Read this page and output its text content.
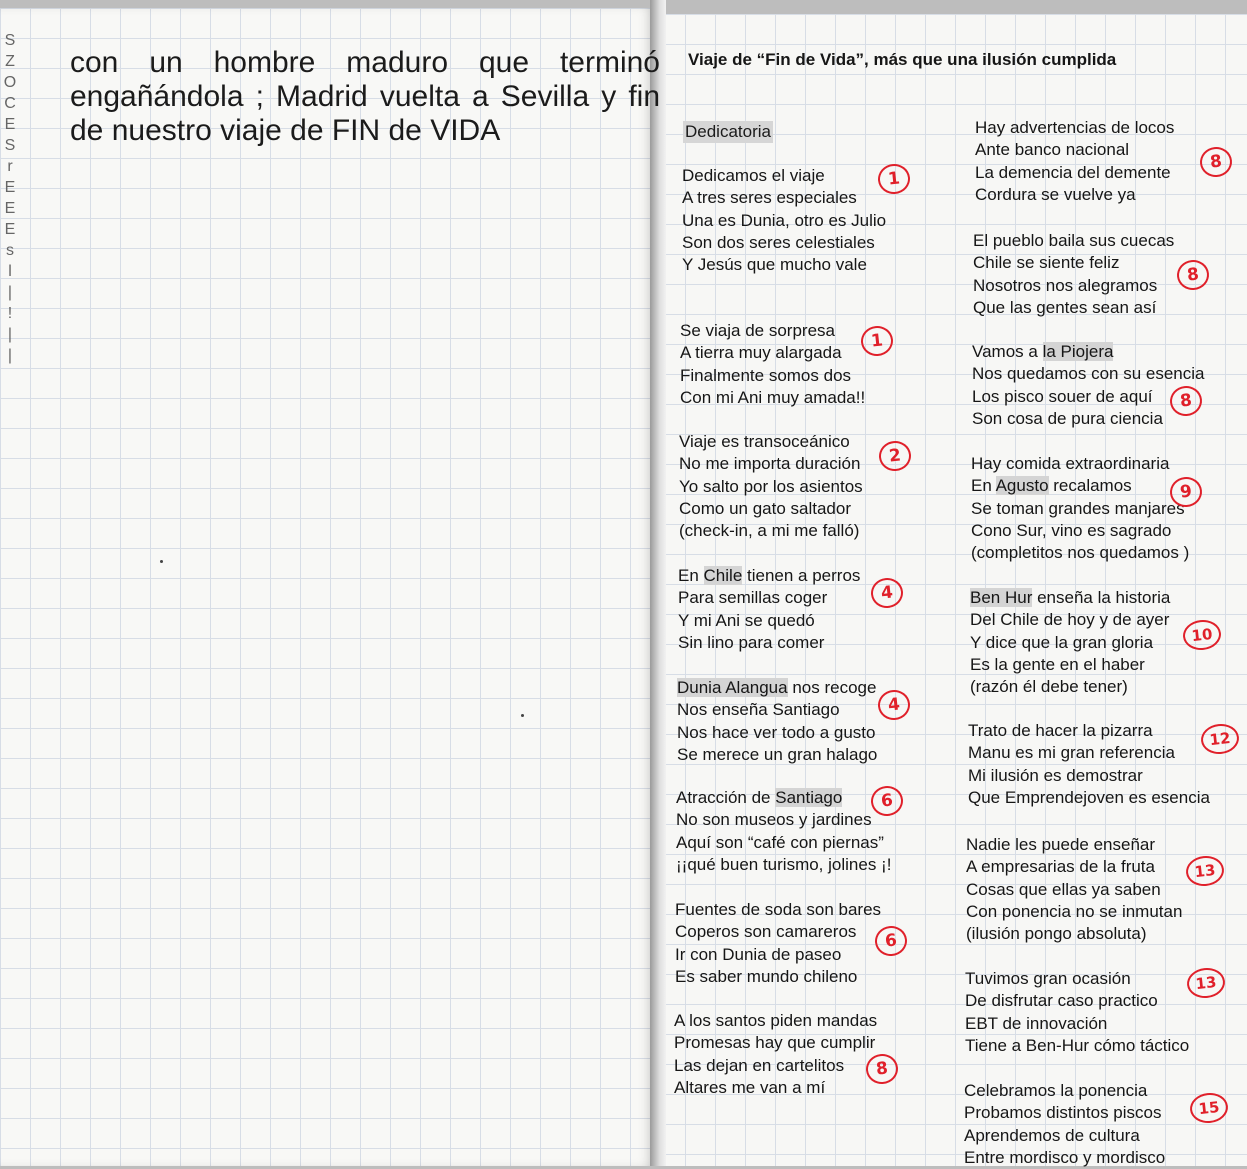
S
Z
O
C
E
S
r
E
E
E
s
l
|
!
|
|

con un hombre maduro que terminó engañándola ; Madrid vuelta a Sevilla y fin de nuestro viaje de FIN de VIDA

Viaje de “Fin de Vida”, más que una ilusión cumplida
Dedicatoria
Dedicamos el viaje
A tres seres especiales
Una es Dunia, otro es Julio
Son dos seres celestiales
Y Jesús que mucho vale
1
Se viaja de sorpresa
A tierra muy alargada
Finalmente somos dos
Con mi Ani muy amada!!
1
Viaje es transoceánico
No me importa duración
Yo salto por los asientos
Como un gato saltador
(check-in, a mi me falló)
2
En Chile tienen a perros
Para semillas coger
Y mi Ani se quedó
Sin lino para comer
4
Dunia Alangua nos recoge
Nos enseña Santiago
Nos hace ver todo a gusto
Se merece un gran halago
4
Atracción de Santiago
No son museos y jardines
Aquí son “café con piernas”
¡¡qué buen turismo, jolines ¡!
6
Fuentes de soda son bares
Coperos son camareros
Ir con Dunia de paseo
Es saber mundo chileno
6
A los santos piden mandas
Promesas hay que cumplir
Las dejan en cartelitos
Altares me van a mí
8
Hay advertencias de locos
Ante banco nacional
La demencia del demente
Cordura se vuelve ya
8
El pueblo baila sus cuecas
Chile se siente feliz
Nosotros nos alegramos
Que las gentes sean así
8
Vamos a la Piojera
Nos quedamos con su esencia
Los pisco souer de aquí
Son cosa de pura ciencia
8
Hay comida extraordinaria
En Agusto recalamos
Se toman grandes manjares
Cono Sur, vino es sagrado
(completitos nos quedamos )
9
Ben Hur enseña la historia
Del Chile de hoy y de ayer
Y dice que la gran gloria
Es la gente en el haber
(razón él debe tener)
10
Trato de hacer la pizarra
Manu es mi gran referencia
Mi ilusión es demostrar
Que Emprendejoven es esencia
12
Nadie les puede enseñar
A empresarias de la fruta
Cosas que ellas ya saben
Con ponencia no se inmutan
(ilusión pongo absoluta)
13
Tuvimos gran ocasión
De disfrutar caso practico
EBT de innovación
Tiene a Ben-Hur cómo táctico
13
Celebramos la ponencia
Probamos distintos piscos
Aprendemos de cultura
Entre mordisco y mordisco
15
